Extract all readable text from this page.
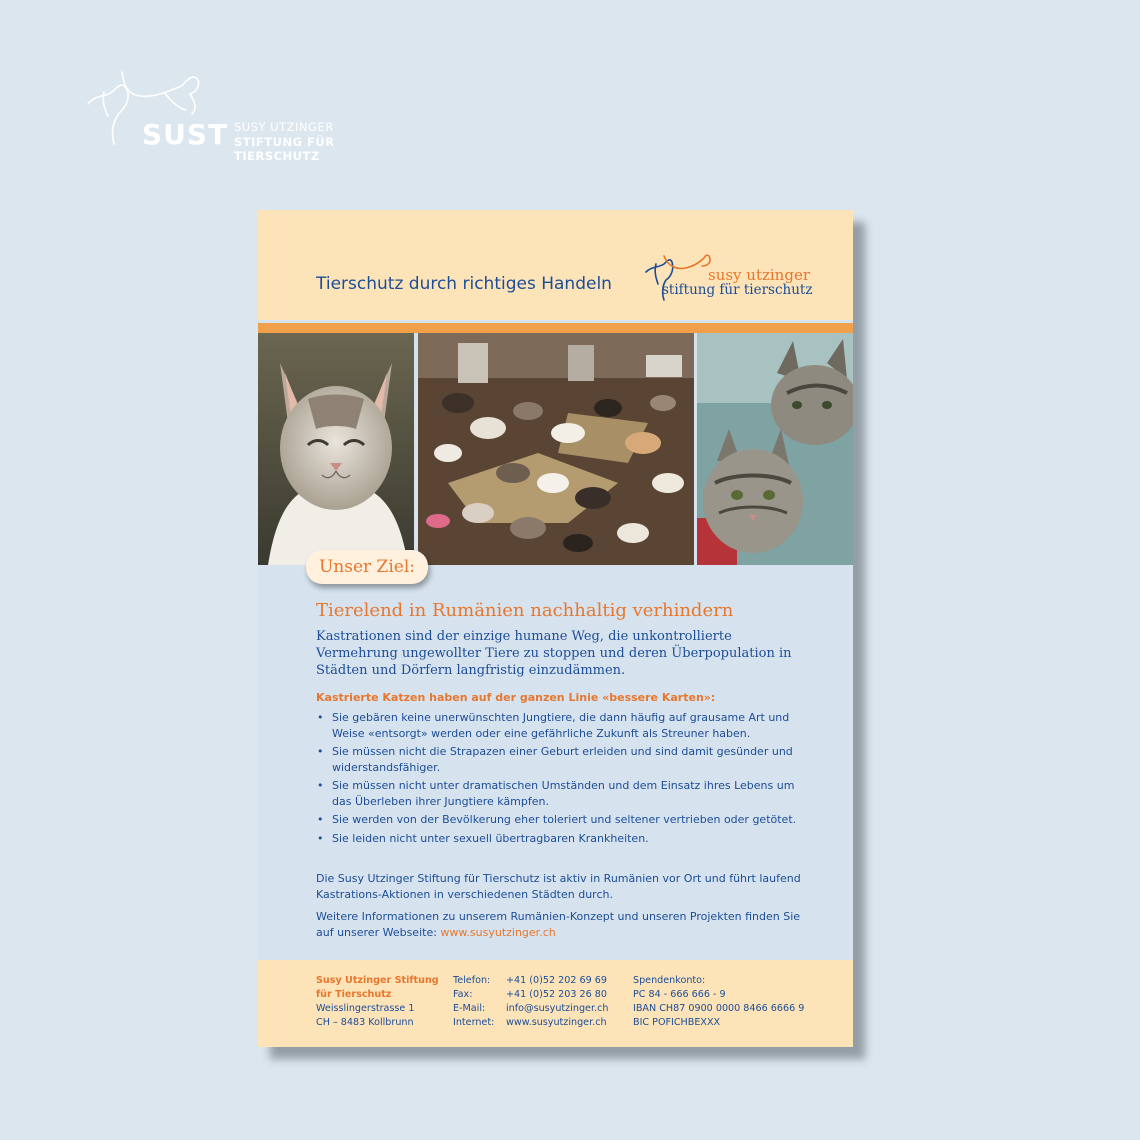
SUST SUSY UTZINGER
STIFTUNG FÜR TIERSCHUTZ
Tierschutz durch richtiges Handeln	susy utzinger
stiftung für tierschutz
Unser Ziel:
Tierelend in Rumänien nachhaltig verhindern
Kastrationen sind der einzige humane Weg, die unkontrollierte Vermehrung ungewollter Tiere zu stoppen und deren Überpopulation in Städten und Dörfern langfristig einzudämmen.
Kastrierte Katzen haben auf der ganzen Linie «bessere Karten»:
• Sie gebären keine unerwünschten Jungtiere, die dann häufig auf grausame Art und Weise «entsorgt» werden oder eine gefährliche Zukunft als Streuner haben.
• Sie müssen nicht die Strapazen einer Geburt erleiden und sind damit gesünder und widerstandsfähiger.
• Sie müssen nicht unter dramatischen Umständen und dem Einsatz ihres Lebens um das Überleben ihrer Jungtiere kämpfen.
• Sie werden von der Bevölkerung eher toleriert und seltener vertrieben oder getötet.
• Sie leiden nicht unter sexuell übertragbaren Krankheiten.
Die Susy Utzinger Stiftung für Tierschutz ist aktiv in Rumänien vor Ort und führt laufend Kastrations-Aktionen in verschiedenen Städten durch.
Weitere Informationen zu unserem Rumänien-Konzept und unseren Projekten finden Sie auf unserer Webseite: www.susyutzinger.ch
Susy Utzinger Stiftung
für Tierschutz
Weisslingerstrasse 1
CH – 8483 Kollbrunn
Telefon:
Fax:
E-Mail:
Internet:
+41 (0)52 202 69 69
+41 (0)52 203 26 80
info@susyutzinger.ch
www.susyutzinger.ch
Spendenkonto:
PC 84 - 666 666 - 9
IBAN CH87 0900 0000 8466 6666 9
BIC POFICHBEXXX
